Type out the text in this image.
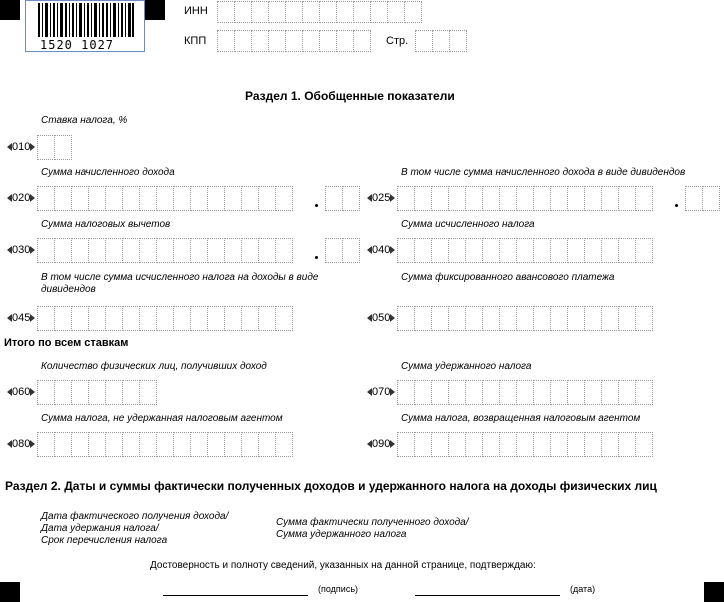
1520 1027
ИНН
КПП	Стр.
Раздел 1. Обобщенные показатели
Ставка налога, %
010
Сумма начисленного дохода
020
В том числе сумма начисленного дохода в виде дивидендов
025
Сумма налоговых вычетов
030
Сумма исчисленного налога
040
В том числе сумма исчисленного налога на доходы в виде дивидендов
045
Сумма фиксированного авансового платежа
050
Итого по всем ставкам
Количество физических лиц, получивших доход
060
Сумма удержанного налога
070
Сумма налога, не удержанная налоговым агентом
080
Сумма налога, возвращенная налоговым агентом
090
Раздел 2. Даты и суммы фактически полученных доходов и удержанного налога на доходы физических лиц
Дата фактического получения дохода/
Дата удержания налога/
Срок перечисления налога
Сумма фактически полученного дохода/
Сумма удержанного налога
Достоверность и полноту сведений, указанных на данной странице, подтверждаю:
(подпись)	(дата)
